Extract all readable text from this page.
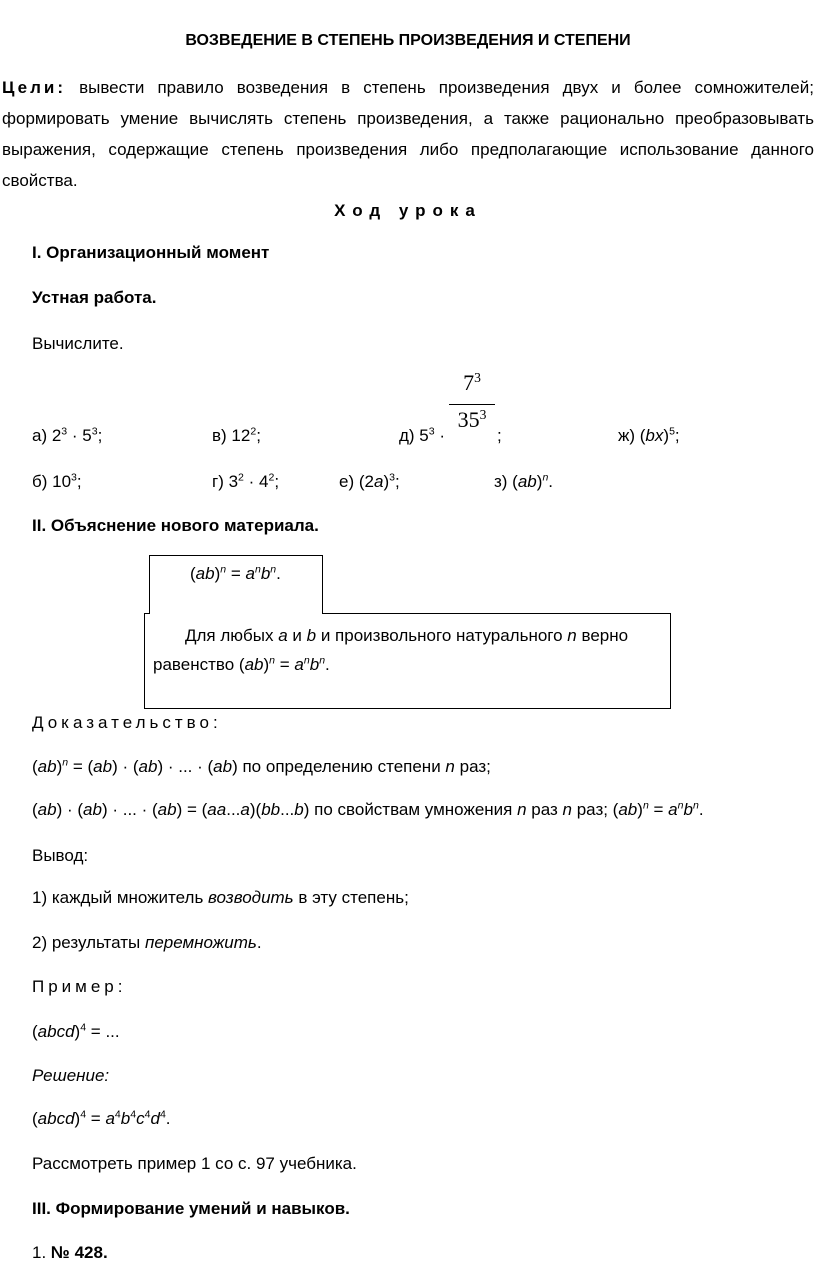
ВОЗВЕДЕНИЕ В СТЕПЕНЬ ПРОИЗВЕДЕНИЯ И СТЕПЕНИ
Цели: вывести правило возведения в степень произведения двух и более сомножителей; формировать умение вычислять степень произведения, а также рационально преобразовывать выражения, содержащие степень произведения либо предполагающие использование данного свойства.
Ход урока
I. Организационный момент
Устная работа.
Вычислите.
а) $2^3 \cdot 5^3$;	в) $12^2$;	д) $5^3$ ·
$7^3$
$35^3$
;	ж) (bx)$^5$;
б) $10^3$;	г) $3^2 \cdot 4^2$;	е) $(2a)^3$;	з) (ab)$^n$.
II. Объяснение нового материала.
Для любых a и b и произвольного натурального n верно
равенство $(ab)^n = a^nb^n$.
$(ab)^n = a^nb^n$.
Доказательство:
(ab)$^n$ = (ab) · (ab) · ... · (ab) по определению степени n раз;
(ab) · (ab) · ... · (ab) = (aa...a)(bb...b) по свойствам умножения n раз n раз; $(ab)^n = a^nb^n$.
Вывод:
1) каждый множитель возводить в эту степень;
2) результаты перемножить.
Пример:
(abcd)$^4$ = ...
Решение:
(abcd)$^4$ = $a^4b^4c^4d^4$.
Рассмотреть пример 1 со с. 97 учебника.
III. Формирование умений и навыков.
1. № 428.
